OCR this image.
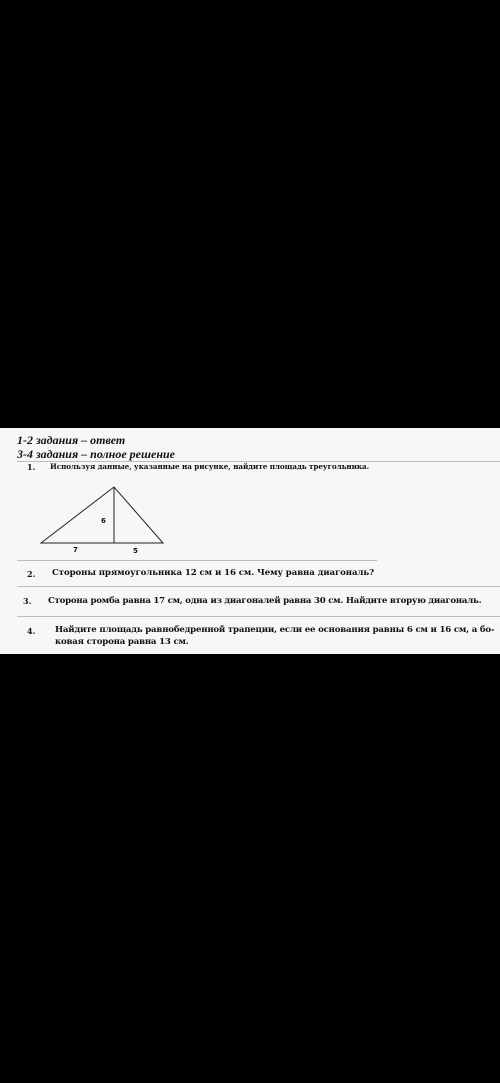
1-2 задания – ответ
3-4 задания – полное решение
1. Используя данные, указанные на рисунке, найдите площадь треугольника.
6
7	5
2. Стороны прямоугольника 12 см и 16 см. Чему равна диагональ?
3. Сторона ромба равна 17 см, одна из диагоналей равна 30 см. Найдите вторую диагональ.
4. Найдите площадь равнобедренной трапеции, если ее основания равны 6 см и 16 см, а бо-ковая сторона равна 13 см.
